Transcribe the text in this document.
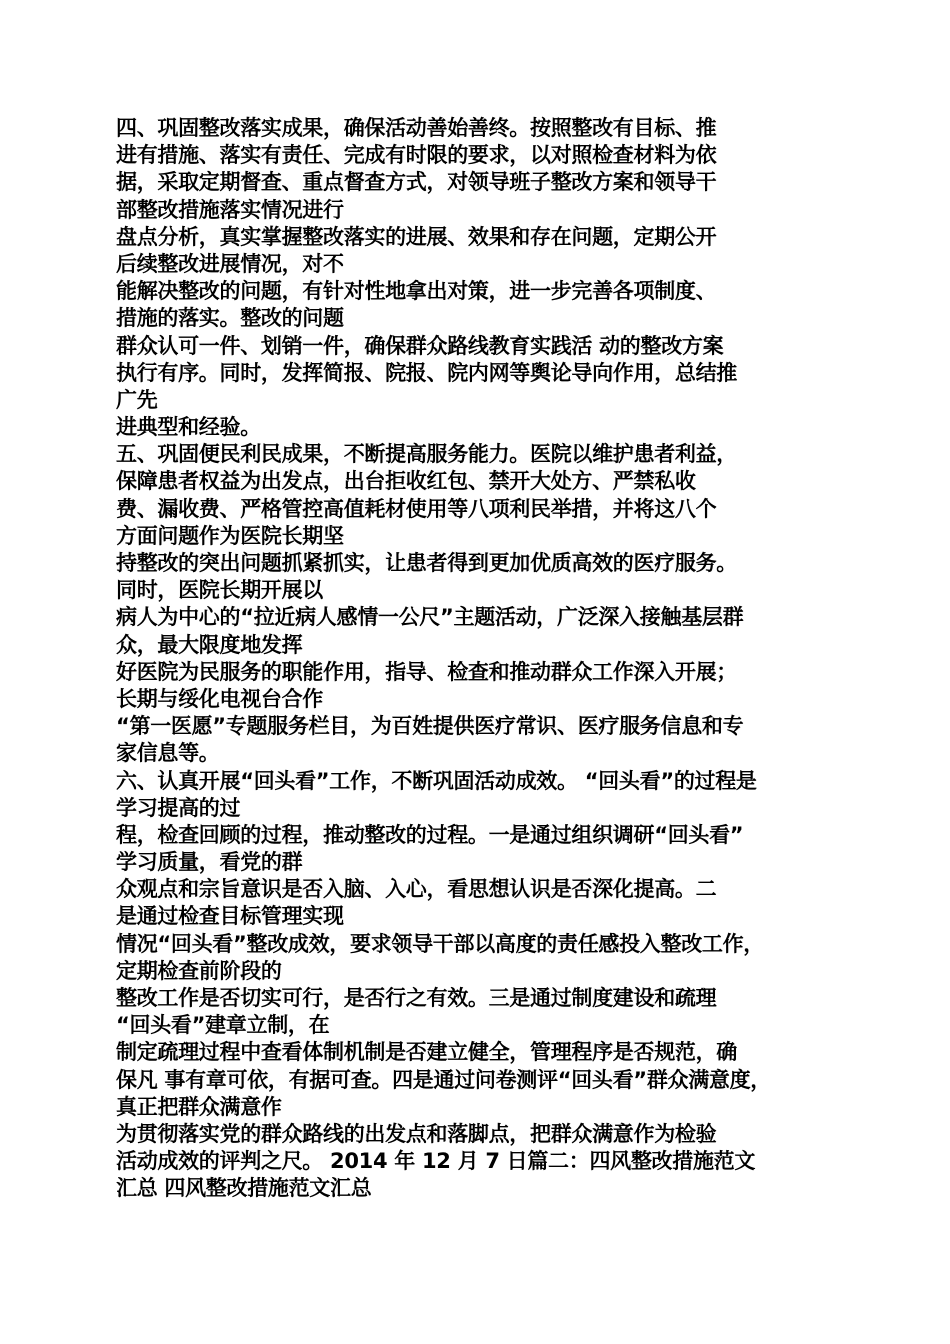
四、巩固整改落实成果，确保活动善始善终。按照整改有目标、推
进有措施、落实有责任、完成有时限的要求，以对照检查材料为依
据，采取定期督查、重点督查方式，对领导班子整改方案和领导干
部整改措施落实情况进行
盘点分析，真实掌握整改落实的进展、效果和存在问题，定期公开
后续整改进展情况，对不
能解决整改的问题，有针对性地拿出对策，进一步完善各项制度、
措施的落实。整改的问题
群众认可一件、划销一件，确保群众路线教育实践活 动的整改方案
执行有序。同时，发挥简报、院报、院内网等舆论导向作用，总结推
广先
进典型和经验。
五、巩固便民利民成果，不断提高服务能力。医院以维护患者利益，
保障患者权益为出发点，出台拒收红包、禁开大处方、严禁私收
费、漏收费、严格管控高值耗材使用等八项利民举措，并将这八个
方面问题作为医院长期坚
持整改的突出问题抓紧抓实，让患者得到更加优质高效的医疗服务。
同时，医院长期开展以
病人为中心的“拉近病人感情一公尺”主题活动，广泛深入接触基层群
众，最大限度地发挥
好医院为民服务的职能作用，指导、检查和推动群众工作深入开展；
长期与绥化电视台合作
“第一医愿”专题服务栏目，为百姓提供医疗常识、医疗服务信息和专
家信息等。
六、认真开展“回头看”工作，不断巩固活动成效。 “回头看”的过程是
学习提高的过
程，检查回顾的过程，推动整改的过程。一是通过组织调研“回头看”
学习质量，看党的群
众观点和宗旨意识是否入脑、入心，看思想认识是否深化提高。二
是通过检查目标管理实现
情况“回头看”整改成效，要求领导干部以高度的责任感投入整改工作，
定期检查前阶段的
整改工作是否切实可行，是否行之有效。三是通过制度建设和疏理
“回头看”建章立制，在
制定疏理过程中查看体制机制是否建立健全，管理程序是否规范，确
保凡 事有章可依，有据可查。四是通过问卷测评“回头看”群众满意度，
真正把群众满意作
为贯彻落实党的群众路线的出发点和落脚点，把群众满意作为检验
活动成效的评判之尺。 2014 年 12 月 7 日篇二：四风整改措施范文
汇总 四风整改措施范文汇总
